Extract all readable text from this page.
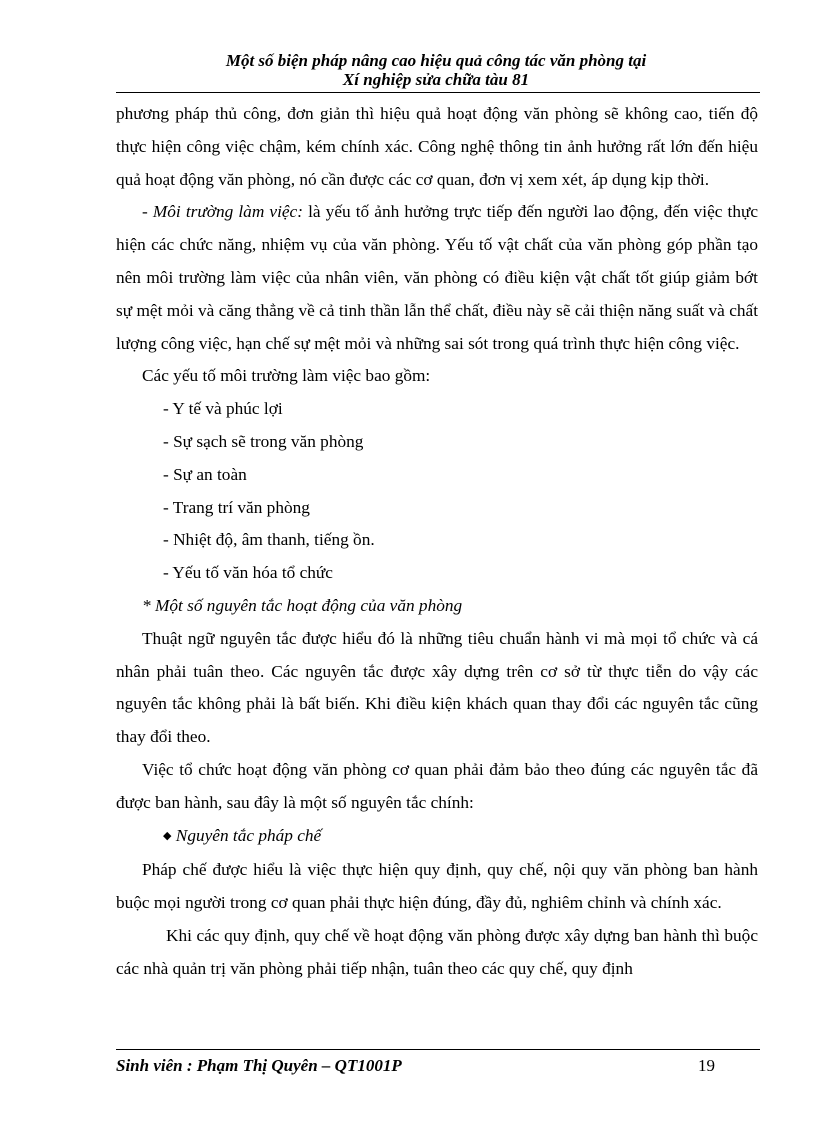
Một số biện pháp nâng cao hiệu quả công tác văn phòng tại
Xí nghiệp sửa chữa tàu 81

phương pháp thủ công, đơn giản thì hiệu quả hoạt động văn phòng sẽ không cao, tiến độ thực hiện công việc chậm, kém chính xác. Công nghệ thông tin ảnh hưởng rất lớn đến hiệu quả hoạt động văn phòng, nó cần được các cơ quan, đơn vị xem xét, áp dụng kịp thời.

- Môi trường làm việc: là yếu tố ảnh hưởng trực tiếp đến người lao động, đến việc thực hiện các chức năng, nhiệm vụ của văn phòng. Yếu tố vật chất của văn phòng góp phần tạo nên môi trường làm việc của nhân viên, văn phòng có điều kiện vật chất tốt giúp giảm bớt sự mệt mỏi và căng thẳng về cả tinh thần lẫn thể chất, điều này sẽ cải thiện năng suất và chất lượng công việc, hạn chế sự mệt mỏi và những sai sót trong quá trình thực hiện công việc.

Các yếu tố môi trường làm việc bao gồm:

- Y tế và phúc lợi

- Sự sạch sẽ trong văn phòng

- Sự an toàn

- Trang trí văn phòng

- Nhiệt độ, âm thanh, tiếng ồn.

- Yếu tố văn hóa tổ chức

* Một số nguyên tắc hoạt động của văn phòng

Thuật ngữ nguyên tắc được hiểu đó là những tiêu chuẩn hành vi mà mọi tổ chức và cá nhân phải tuân theo. Các nguyên tắc được xây dựng trên cơ sở từ thực tiễn do vậy các nguyên tắc không phải là bất biến. Khi điều kiện khách quan thay đổi các nguyên tắc cũng thay đổi theo.

Việc tổ chức hoạt động văn phòng cơ quan phải đảm bảo theo đúng các nguyên tắc đã được ban hành, sau đây là một số nguyên tắc chính:

◆ Nguyên tắc pháp chế

Pháp chế được hiểu là việc thực hiện quy định, quy chế, nội quy văn phòng ban hành buộc mọi người trong cơ quan phải thực hiện đúng, đầy đủ, nghiêm chỉnh và chính xác.

Khi các quy định, quy chế về hoạt động văn phòng được xây dựng ban hành thì buộc các nhà quản trị văn phòng phải tiếp nhận, tuân theo các quy chế, quy định

Sinh viên : Phạm Thị Quyên – QT1001P	19
